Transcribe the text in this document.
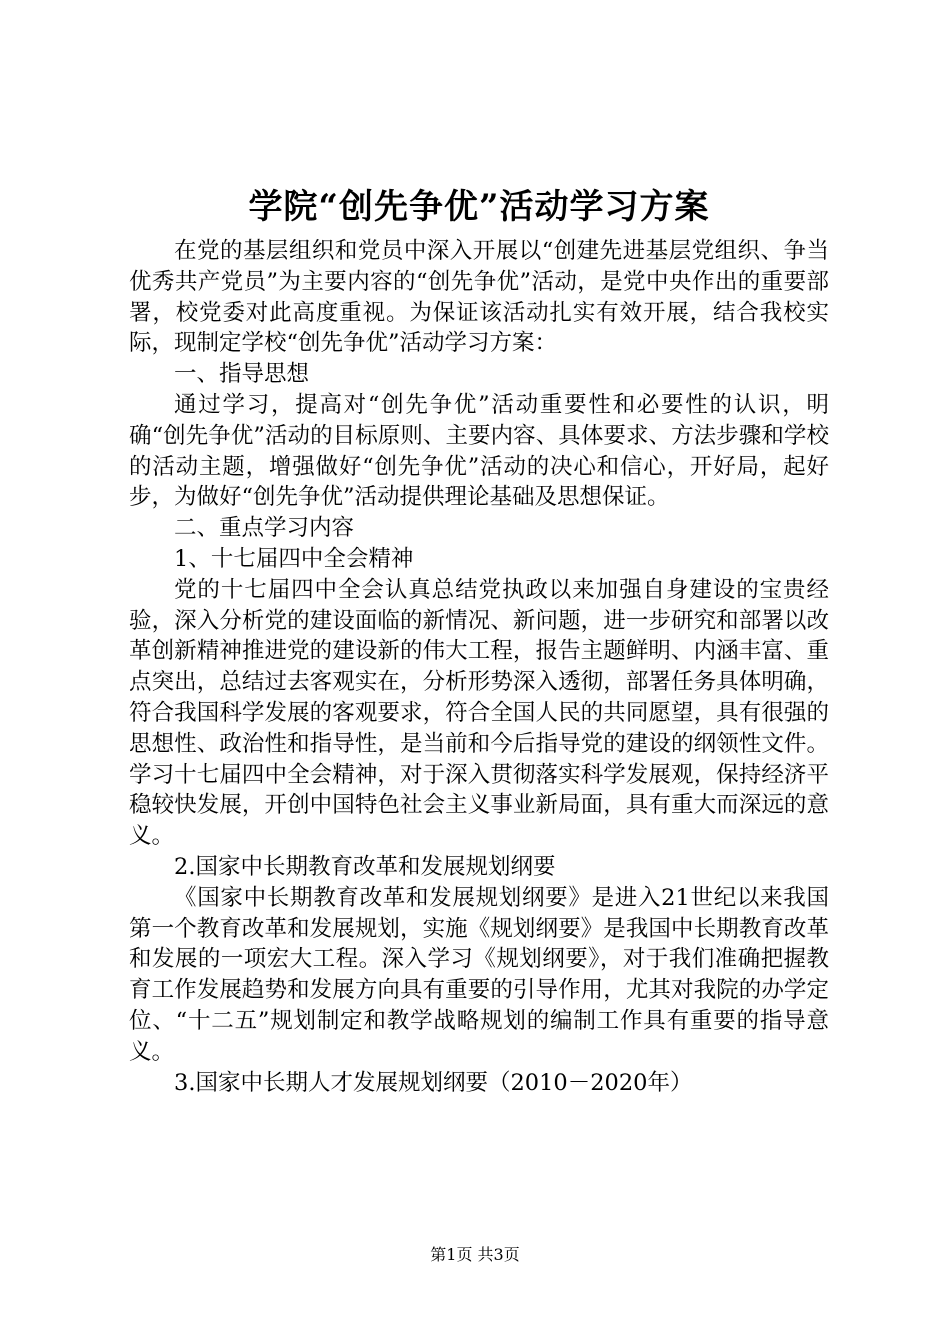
学院“创先争优”活动学习方案

在党的基层组织和党员中深入开展以“创建先进基层党组织、争当优秀共产党员”为主要内容的“创先争优”活动，是党中央作出的重要部署，校党委对此高度重视。为保证该活动扎实有效开展，结合我校实际，现制定学校“创先争优”活动学习方案：

一、指导思想

通过学习，提高对“创先争优”活动重要性和必要性的认识，明确“创先争优”活动的目标原则、主要内容、具体要求、方法步骤和学校的活动主题，增强做好“创先争优”活动的决心和信心，开好局，起好步，为做好“创先争优”活动提供理论基础及思想保证。

二、重点学习内容

1、十七届四中全会精神

党的十七届四中全会认真总结党执政以来加强自身建设的宝贵经验，深入分析党的建设面临的新情况、新问题，进一步研究和部署以改革创新精神推进党的建设新的伟大工程，报告主题鲜明、内涵丰富、重点突出，总结过去客观实在，分析形势深入透彻，部署任务具体明确，符合我国科学发展的客观要求，符合全国人民的共同愿望，具有很强的思想性、政治性和指导性，是当前和今后指导党的建设的纲领性文件。学习十七届四中全会精神，对于深入贯彻落实科学发展观，保持经济平稳较快发展，开创中国特色社会主义事业新局面，具有重大而深远的意义。

2.国家中长期教育改革和发展规划纲要

《国家中长期教育改革和发展规划纲要》是进入21世纪以来我国第一个教育改革和发展规划，实施《规划纲要》是我国中长期教育改革和发展的一项宏大工程。深入学习《规划纲要》，对于我们准确把握教育工作发展趋势和发展方向具有重要的引导作用，尤其对我院的办学定位、“十二五”规划制定和教学战略规划的编制工作具有重要的指导意义。

3.国家中长期人才发展规划纲要（2010－2020年）

第1页 共3页
